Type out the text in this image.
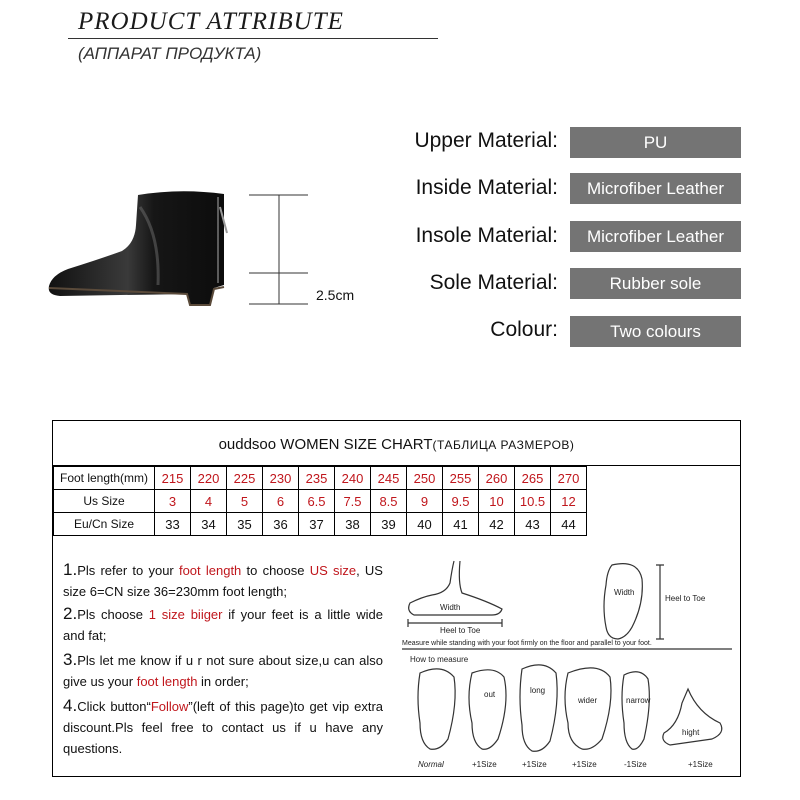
PRODUCT ATTRIBUTE
(АППАРАТ ПРОДУКТА)
Upper Material:	PU
Inside Material:	Microfiber Leather
Insole Material:	Microfiber Leather
Sole Material:	Rubber sole
Colour:	Two colours
2.5cm
ouddsoo WOMEN SIZE CHART(ТАБЛИЦА РАЗМЕРОВ)
Foot length(mm)	215	220	225	230	235	240	245	250	255	260	265	270
Us Size	3	4	5	6	6.5	7.5	8.5	9	9.5	10	10.5	12
Eu/Cn Size	33	34	35	36	37	38	39	40	41	42	43	44
1.Pls refer to your foot length to choose US size, US size 6=CN size 36=230mm foot length;
2.Pls choose 1 size biiger if your feet is a little wide and fat;
3.Pls let me know if u r not sure about size,u can also give us your foot length in order;
4.Click button“Follow”(left of this page)to get vip extra discount.Pls feel free to contact us if u have any questions.
Width
Heel to Toe
Width
Heel to Toe
Measure while standing with your foot firmly on the floor and parallel to your foot.
How to measure
out	long
wider	narrow
hight
Normal	+1Size	+1Size	+1Size	-1Size	+1Size
